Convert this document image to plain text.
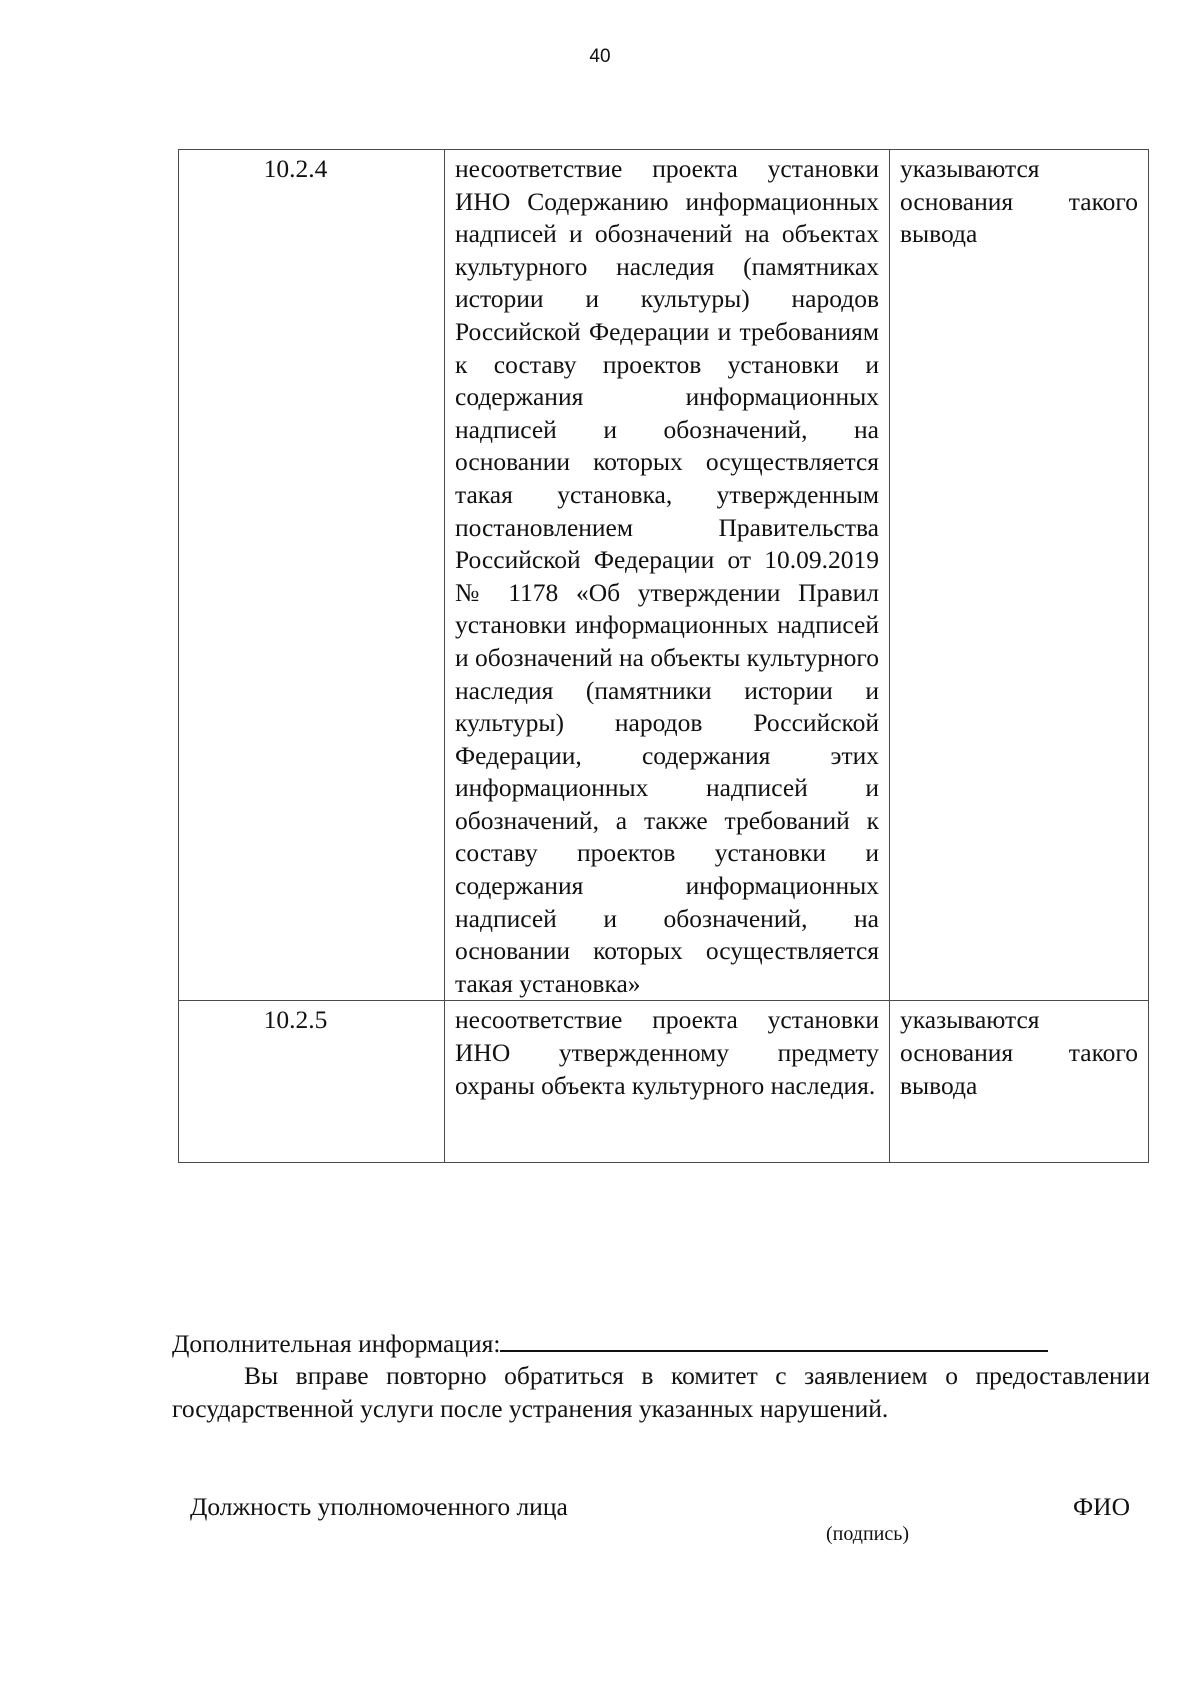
40
10.2.4	несоответствие проекта установки ИНО Содержанию информационных надписей и обозначений на объектах культурного наследия (памятниках истории и культуры) народов Российской Федерации и требованиям к составу проектов установки и содержания информационных надписей и обозначений, на основании которых осуществляется такая установка, утвержденным постановлением Правительства Российской Федерации от 10.09.2019 № 1178 «Об утверждении Правил установки информационных надписей и обозначений на объекты культурного наследия (памятники истории и культуры) народов Российской Федерации, содержания этих информационных надписей и обозначений, а также требований к составу проектов установки и содержания информационных надписей и обозначений, на основании которых осуществляется такая установка»	указываются основания такого вывода
10.2.5	несоответствие проекта установки ИНО утвержденному предмету охраны объекта культурного наследия.	указываются основания такого вывода
Дополнительная информация:
Вы вправе повторно обратиться в комитет с заявлением о предоставлении государственной услуги после устранения указанных нарушений.
Должность уполномоченного лица	ФИО
(подпись)
